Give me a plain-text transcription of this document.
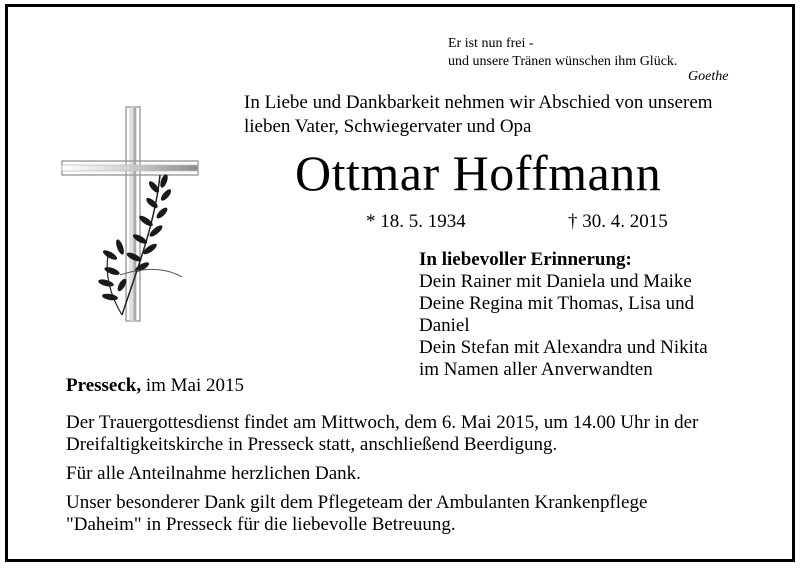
Er ist nun frei -
und unsere Tränen wünschen ihm Glück.
Goethe
In Liebe und Dankbarkeit nehmen wir Abschied von unserem
lieben Vater, Schwiegervater und Opa
Ottmar Hoffmann
* 18. 5. 1934	† 30. 4. 2015
In liebevoller Erinnerung:
Dein Rainer mit Daniela und Maike
Deine Regina mit Thomas, Lisa und
Daniel
Dein Stefan mit Alexandra und Nikita
im Namen aller Anverwandten
Presseck, im Mai 2015
Der Trauergottesdienst findet am Mittwoch, dem 6. Mai 2015, um 14.00 Uhr in der
Dreifaltigkeitskirche in Presseck statt, anschließend Beerdigung.
Für alle Anteilnahme herzlichen Dank.
Unser besonderer Dank gilt dem Pflegeteam der Ambulanten Krankenpflege
"Daheim" in Presseck für die liebevolle Betreuung.
